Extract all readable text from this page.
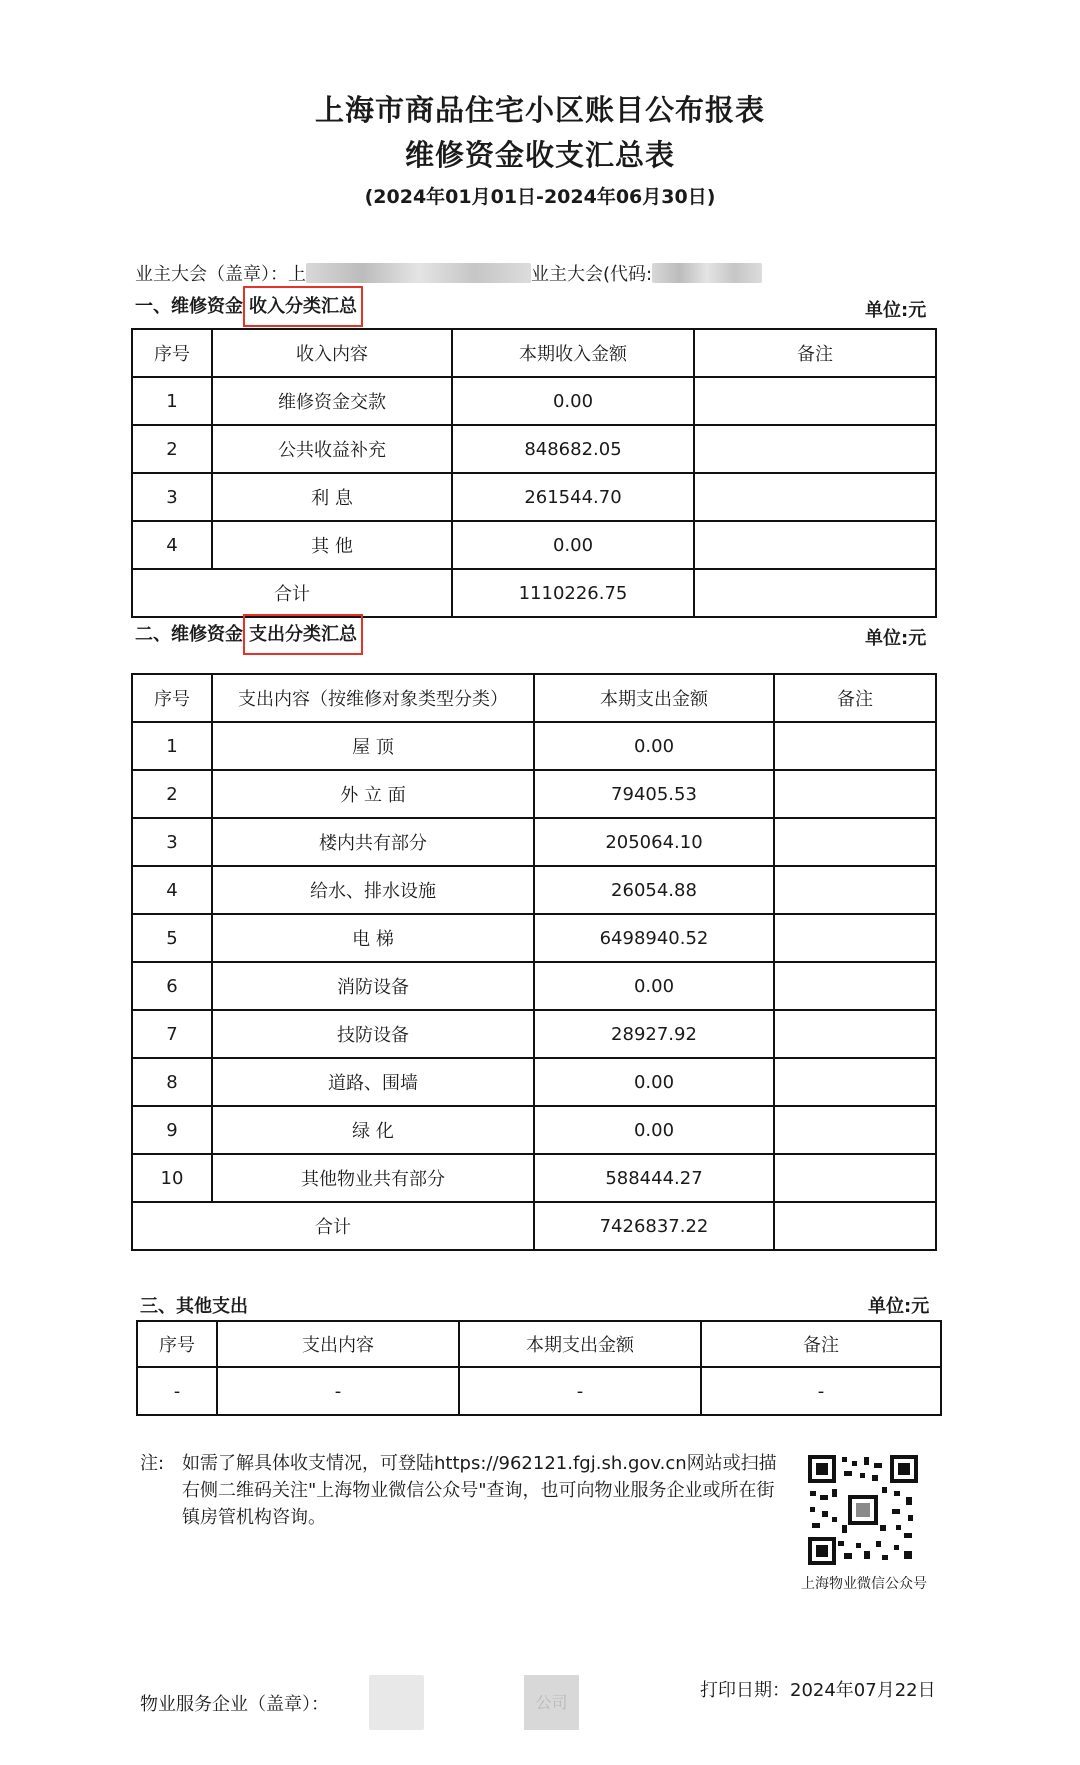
上海市商品住宅小区账目公布报表
维修资金收支汇总表
(2024年01月01日-2024年06月30日)
业主大会（盖章）： 上	业主大会(代码:
一、维修资金 收入分类汇总	单位:元
序号	收入内容	本期收入金额	备注
1	维修资金交款	0.00	
2	公共收益补充	848682.05	
3	利 息	261544.70	
4	其 他	0.00	
合计		1110226.75	
二、维修资金 支出分类汇总	单位:元
序号	支出内容（按维修对象类型分类）	本期支出金额	备注
1	屋 顶	0.00	
2	外 立 面	79405.53	
3	楼内共有部分	205064.10	
4	给水、排水设施	26054.88	
5	电 梯	6498940.52	
6	消防设备	0.00	
7	技防设备	28927.92	
8	道路、围墙	0.00	
9	绿 化	0.00	
10	其他物业共有部分	588444.27	
合计		7426837.22	
三、其他支出	单位:元
序号	支出内容	本期支出金额	备注
-	-	-	-
注: 如需了解具体收支情况，可登陆https://962121.fgj.sh.gov.cn网站或扫描右侧二维码关注"上海物业微信公众号"查询，也可向物业服务企业或所在街镇房管机构咨询。
上海物业微信公众号
物业服务企业（盖章）：	公司
打印日期：2024年07月22日
